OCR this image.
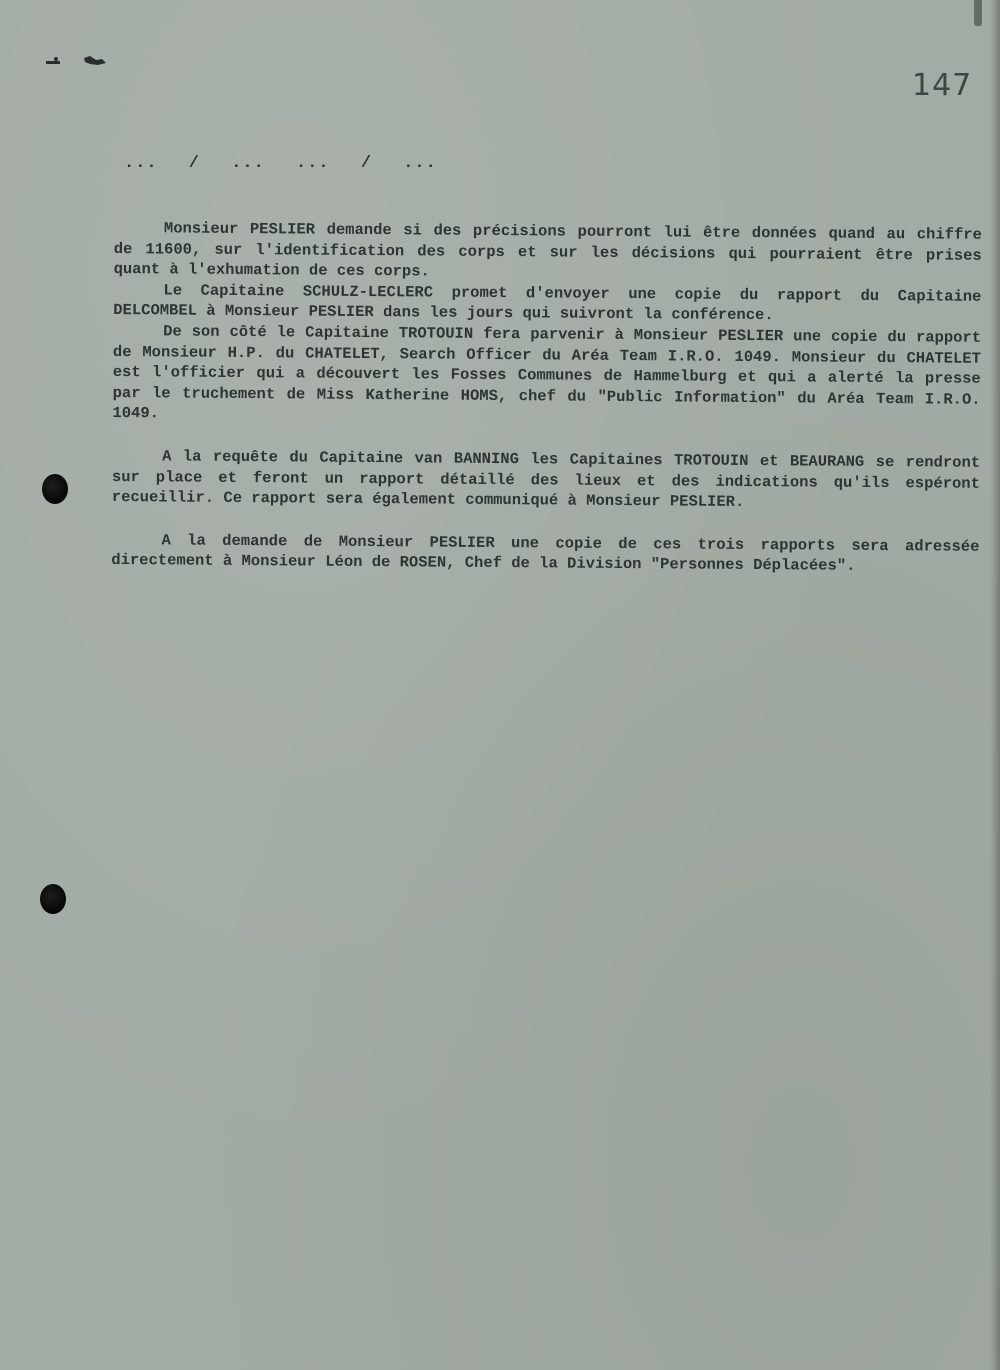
147
... / ... ... / ...

Monsieur PESLIER demande si des précisions pourront lui être données quand au chiffre de 11600, sur l'identification des corps et sur les décisions qui pourraient être prises quant à l'exhumation de ces corps.

Le Capitaine SCHULZ-LECLERC promet d'envoyer une copie du rapport du Capitaine DELCOMBEL à Monsieur PESLIER dans les jours qui suivront la conférence.

De son côté le Capitaine TROTOUIN fera parvenir à Monsieur PESLIER une copie du rapport de Monsieur H.P. du CHATELET, Search Officer du Aréa Team I.R.O. 1049. Monsieur du CHATELET est l'officier qui a découvert les Fosses Communes de Hammelburg et qui a alerté la presse par le truchement de Miss Katherine HOMS, chef du "Public Information" du Aréa Team I.R.O. 1049.

A la requête du Capitaine van BANNING les Capitaines TROTOUIN et BEAURANG se rendront sur place et feront un rapport détaillé des lieux et des indications qu'ils espéront recueillir. Ce rapport sera également communiqué à Monsieur PESLIER.

A la demande de Monsieur PESLIER une copie de ces trois rapports sera adressée directement à Monsieur Léon de ROSEN, Chef de la Division "Personnes Déplacées".
